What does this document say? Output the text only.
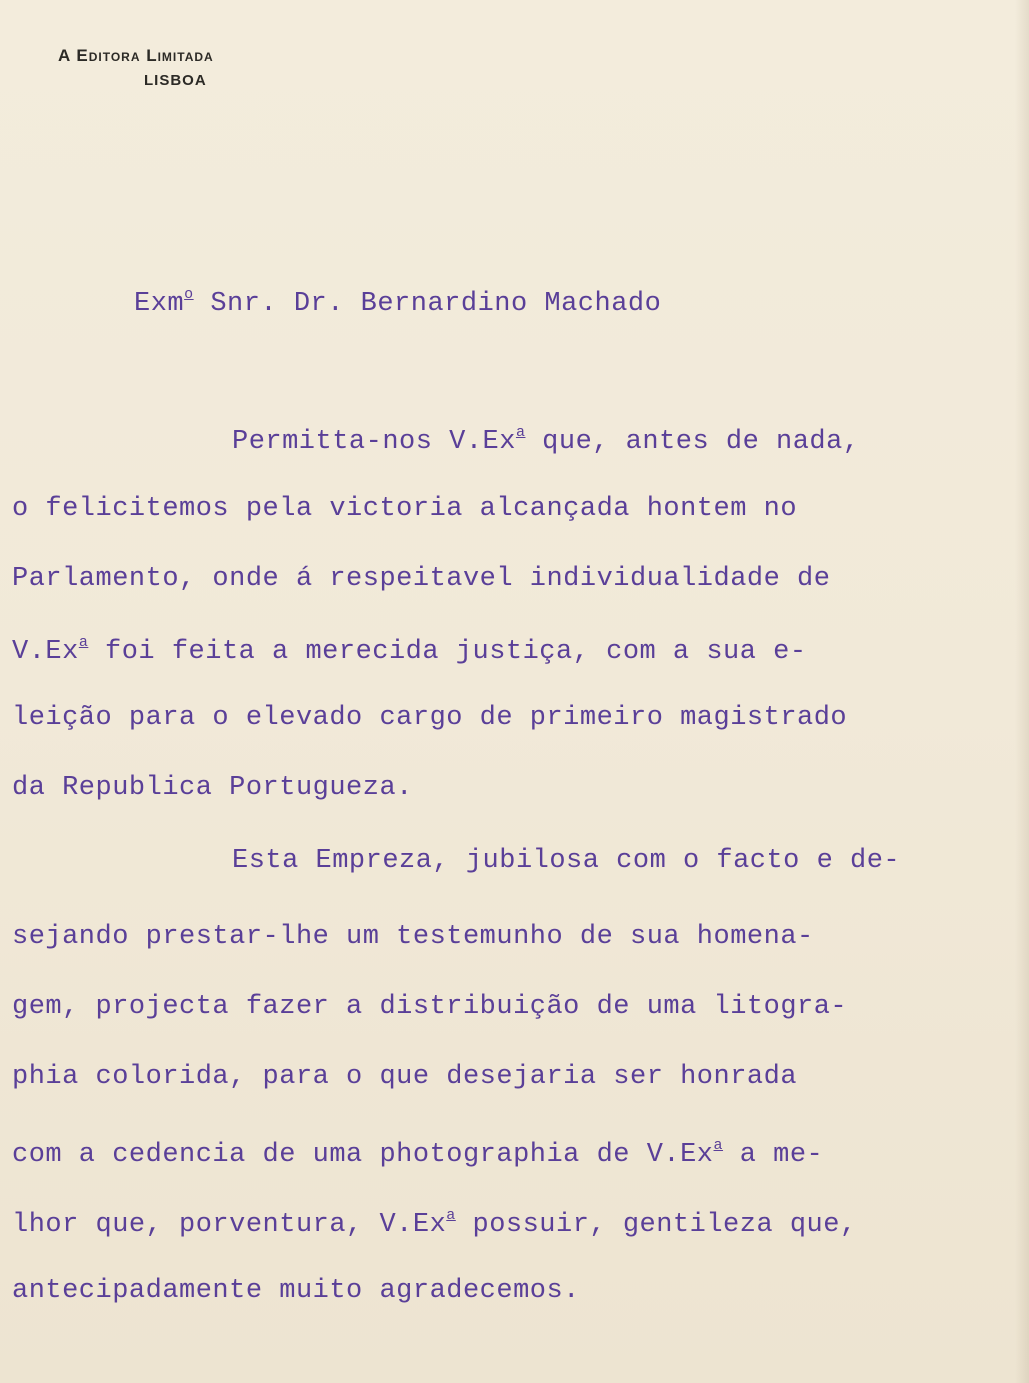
A Editora Limitada
LISBOA
Exm$^o$ Snr. Dr. Bernardino Machado
Permitta-nos V.Ex$^a$ que, antes de nada,
o felicitemos pela victoria alcançada hontem no
Parlamento, onde á respeitavel individualidade de
V.Ex$^a$ foi feita a merecida justiça, com a sua e-
leição para o elevado cargo de primeiro magistrado
da Republica Portugueza.
Esta Empreza, jubilosa com o facto e de-
sejando prestar-lhe um testemunho de sua homena-
gem, projecta fazer a distribuição de uma litogra-
phia colorida, para o que desejaria ser honrada
com a cedencia de uma photographia de V.Ex$^a$ a me-
lhor que, porventura, V.Ex$^a$ possuir, gentileza que,
antecipadamente muito agradecemos.
